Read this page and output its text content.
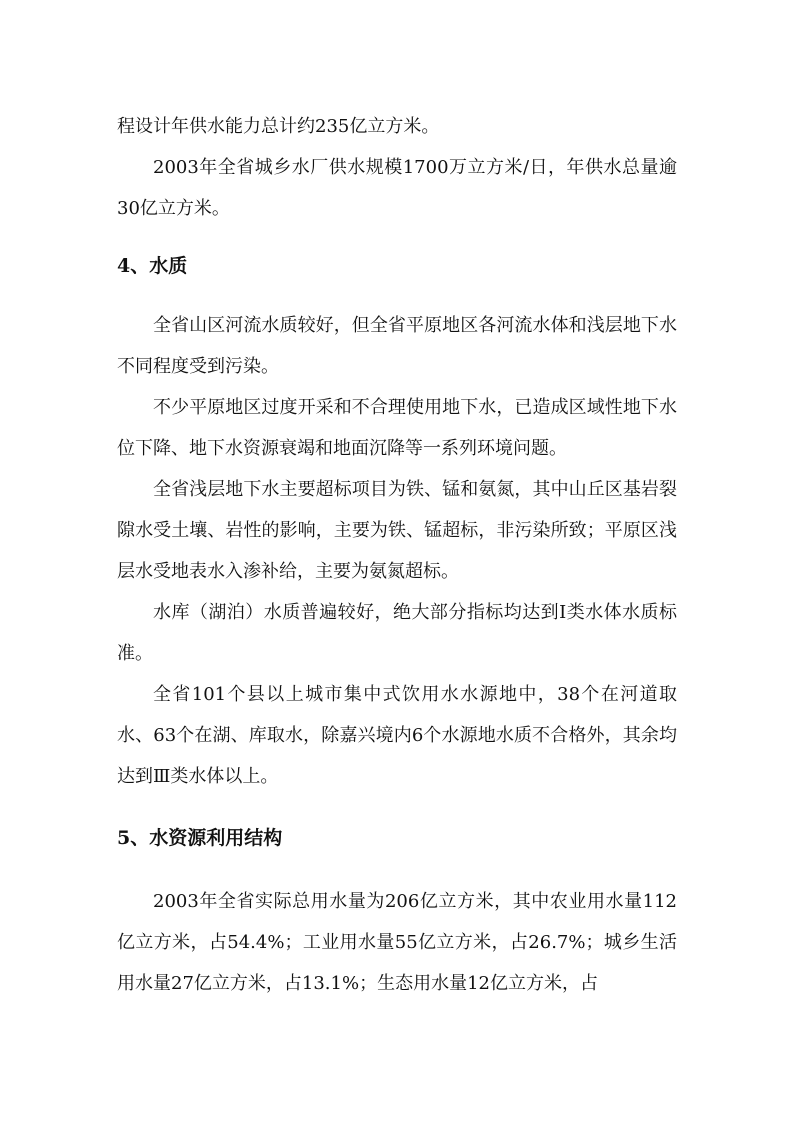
程设计年供水能力总计约235亿立方米。

2003年全省城乡水厂供水规模1700万立方米/日，年供水总量逾30亿立方米。

4、水质

全省山区河流水质较好，但全省平原地区各河流水体和浅层地下水不同程度受到污染。

不少平原地区过度开采和不合理使用地下水，已造成区域性地下水位下降、地下水资源衰竭和地面沉降等一系列环境问题。

全省浅层地下水主要超标项目为铁、锰和氨氮，其中山丘区基岩裂隙水受土壤、岩性的影响，主要为铁、锰超标，非污染所致；平原区浅层水受地表水入渗补给，主要为氨氮超标。

水库（湖泊）水质普遍较好，绝大部分指标均达到Ⅰ类水体水质标准。

全省101个县以上城市集中式饮用水水源地中，38个在河道取水、63个在湖、库取水，除嘉兴境内6个水源地水质不合格外，其余均达到Ⅲ类水体以上。

5、水资源利用结构

2003年全省实际总用水量为206亿立方米，其中农业用水量112亿立方米，占54.4%；工业用水量55亿立方米，占26.7%；城乡生活用水量27亿立方米，占13.1%；生态用水量12亿立方米，占
